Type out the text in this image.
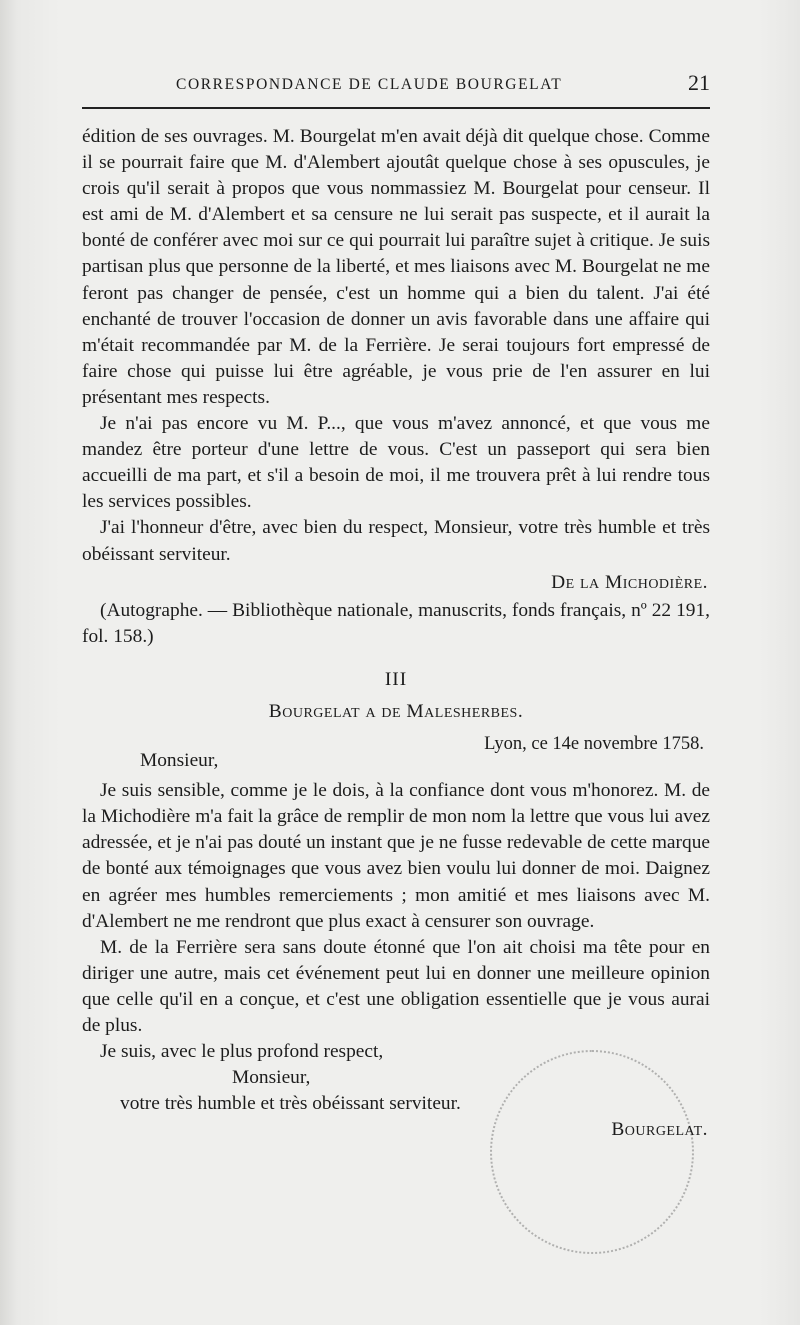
CORRESPONDANCE DE CLAUDE BOURGELAT	21

édition de ses ouvrages. M. Bourgelat m'en avait déjà dit quelque chose. Comme il se pourrait faire que M. d'Alembert ajoutât quelque chose à ses opuscules, je crois qu'il serait à propos que vous nommassiez M. Bourgelat pour censeur. Il est ami de M. d'Alembert et sa censure ne lui serait pas suspecte, et il aurait la bonté de conférer avec moi sur ce qui pourrait lui paraître sujet à critique. Je suis partisan plus que personne de la liberté, et mes liaisons avec M. Bourgelat ne me feront pas changer de pensée, c'est un homme qui a bien du talent. J'ai été enchanté de trouver l'occasion de donner un avis favorable dans une affaire qui m'était recommandée par M. de la Ferrière. Je serai toujours fort empressé de faire chose qui puisse lui être agréable, je vous prie de l'en assurer en lui présentant mes respects.

Je n'ai pas encore vu M. P..., que vous m'avez annoncé, et que vous me mandez être porteur d'une lettre de vous. C'est un passeport qui sera bien accueilli de ma part, et s'il a besoin de moi, il me trouvera prêt à lui rendre tous les services possibles.

J'ai l'honneur d'être, avec bien du respect, Monsieur, votre très humble et très obéissant serviteur.

De la Michodière.

(Autographe. — Bibliothèque nationale, manuscrits, fonds français, nº 22 191, fol. 158.)

III

Bourgelat a de Malesherbes.

Lyon, ce 14e novembre 1758.

Monsieur,

Je suis sensible, comme je le dois, à la confiance dont vous m'honorez. M. de la Michodière m'a fait la grâce de remplir de mon nom la lettre que vous lui avez adressée, et je n'ai pas douté un instant que je ne fusse redevable de cette marque de bonté aux témoignages que vous avez bien voulu lui donner de moi. Daignez en agréer mes humbles remerciements ; mon amitié et mes liaisons avec M. d'Alembert ne me rendront que plus exact à censurer son ouvrage.

M. de la Ferrière sera sans doute étonné que l'on ait choisi ma tête pour en diriger une autre, mais cet événement peut lui en donner une meilleure opinion que celle qu'il en a conçue, et c'est une obligation essentielle que je vous aurai de plus.

Je suis, avec le plus profond respect,

Monsieur,

votre très humble et très obéissant serviteur.

Bourgelat.
